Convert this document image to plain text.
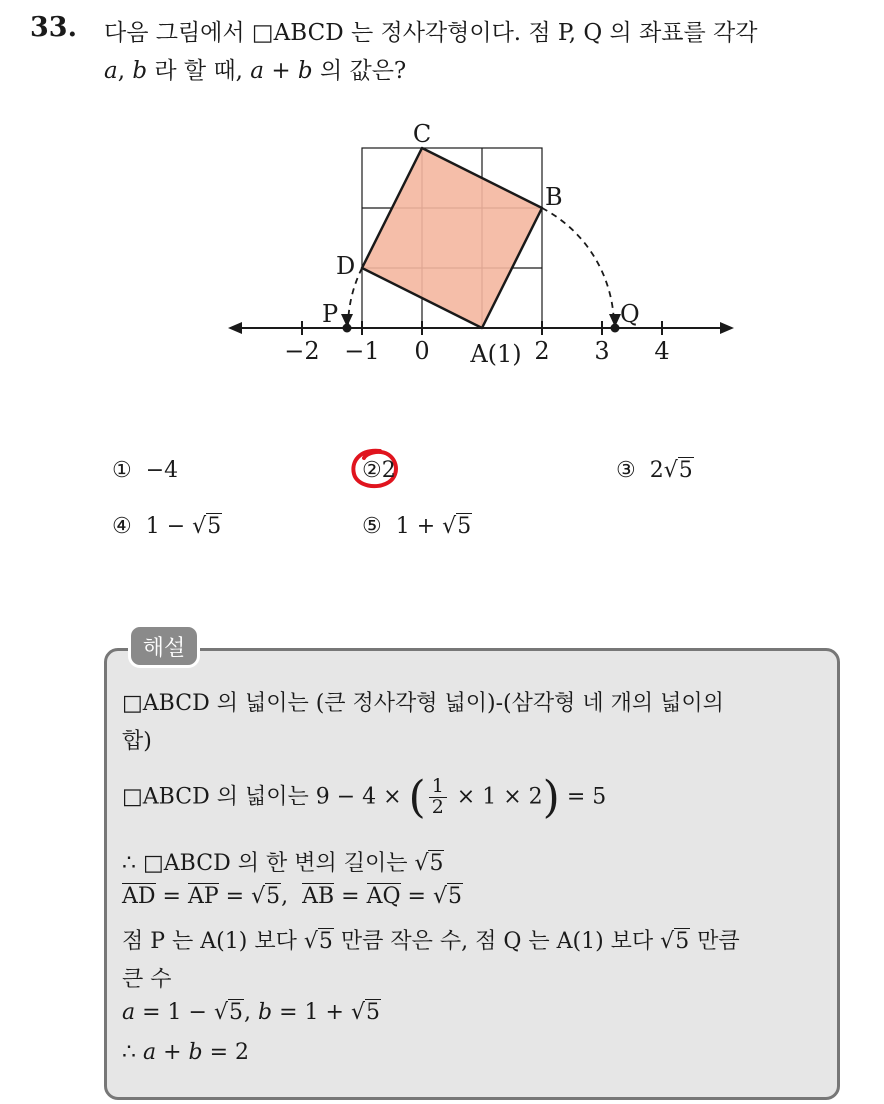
33. 다음 그림에서 □ABCD 는 정사각형이다. 점 P, Q 의 좌표를 각각
a, b 라 할 때, a + b 의 값은?
C
B
D
P	Q
A(1)
−2 −1 0	2 3 4
① −4	②2	③ 2√5
④ 1 − √5	⑤ 1 + √5
해설
□ABCD 의 넓이는 (큰 정사각형 넓이)-(삼각형 네 개의 넓이의
합)
□ABCD 의 넓이는 9 − 4 × ( $\frac{1}{2} \times 1 \times 2) = 5$
∴ □ABCD 의 한 변의 길이는 √5
AD = AP = √5,  AB = AQ = √5
점 P 는 A(1) 보다 √5 만큼 작은 수, 점 Q 는 A(1) 보다 √5 만큼
큰 수
a = 1 − √5, b = 1 + √5
∴ a + b = 2
